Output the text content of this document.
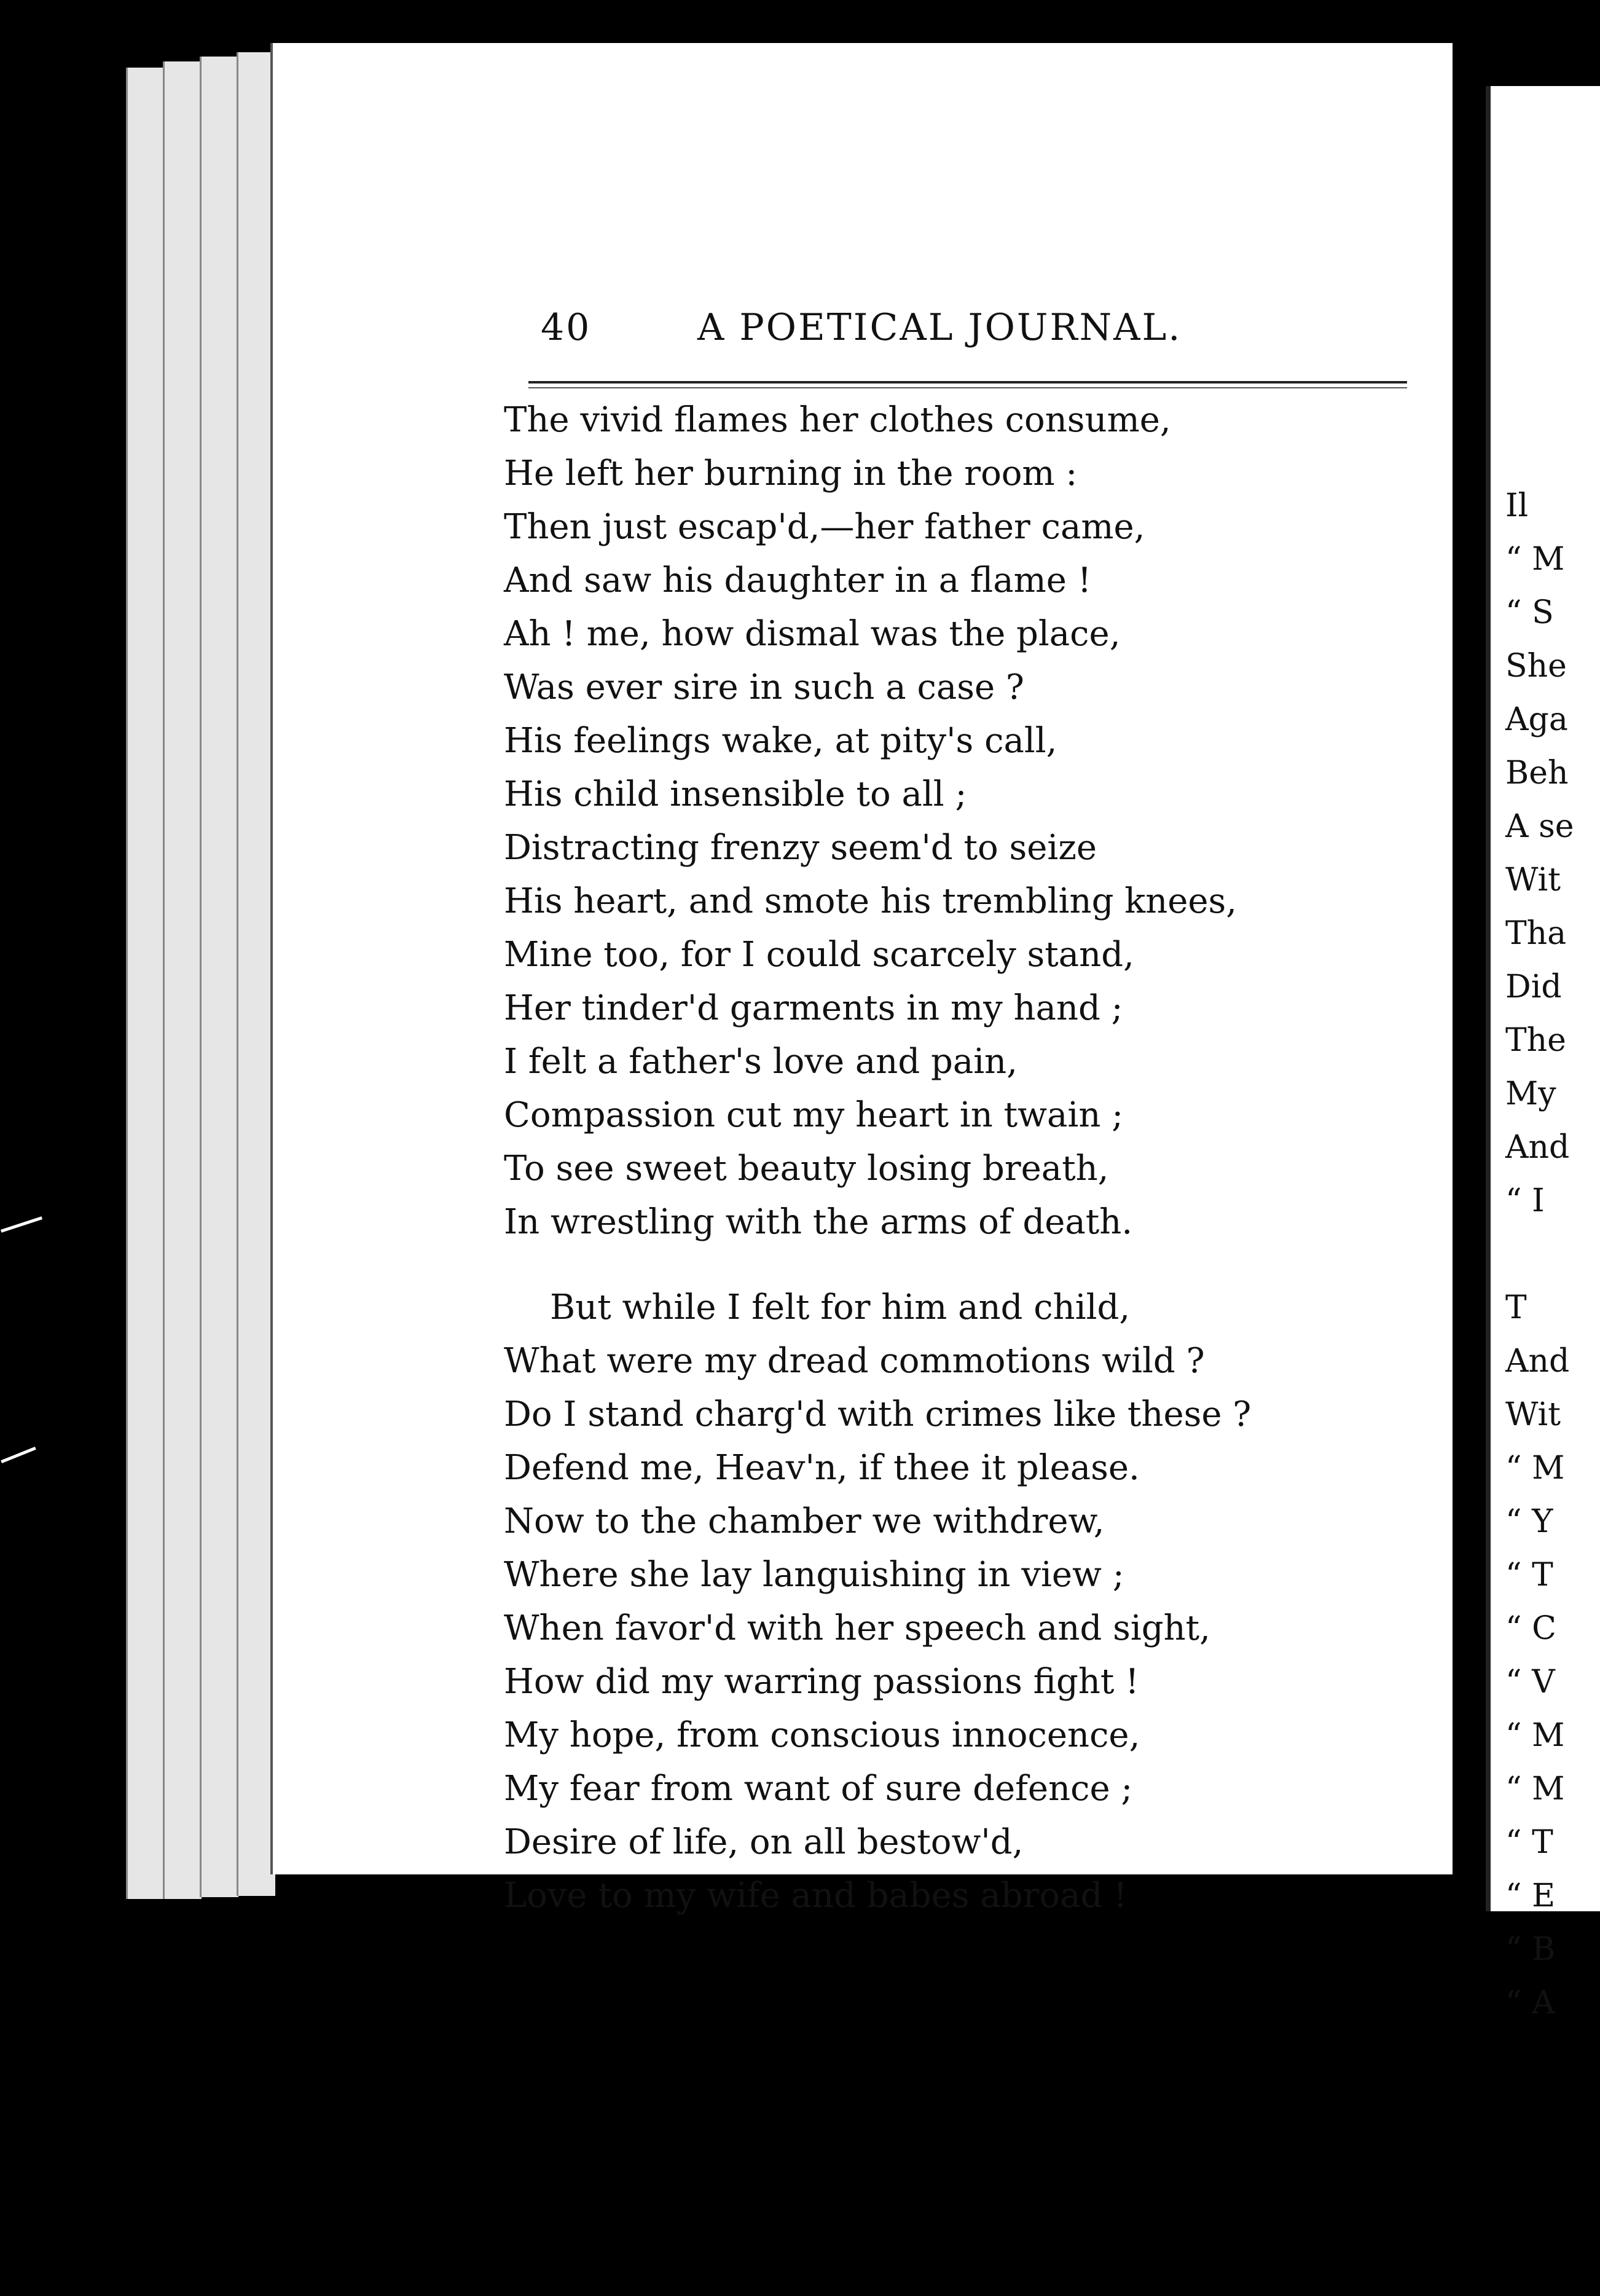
40	A POETICAL JOURNAL.
The vivid flames her clothes consume,
He left her burning in the room :
Then just escap'd,—her father came,
And saw his daughter in a flame !
Ah ! me, how dismal was the place,
Was ever sire in such a case ?
His feelings wake, at pity's call,
His child insensible to all ;
Distracting frenzy seem'd to seize
His heart, and smote his trembling knees,
Mine too, for I could scarcely stand,
Her tinder'd garments in my hand ;
I felt a father's love and pain,
Compassion cut my heart in twain ;
To see sweet beauty losing breath,
In wrestling with the arms of death.
But while I felt for him and child,
What were my dread commotions wild ?
Do I stand charg'd with crimes like these ?
Defend me, Heav'n, if thee it please.
Now to the chamber we withdrew,
Where she lay languishing in view ;
When favor'd with her speech and sight,
How did my warring passions fight !
My hope, from conscious innocence,
My fear from want of sure defence ;
Desire of life, on all bestow'd,
Love to my wife and babes abroad !
Il
“ M
“ S
She
Aga
Beh
A se
Wit
Tha
Did
The
My
And
“ I
T
And
Wit
“ M
“ Y
“ T
“ C
“ V
“ M
“ M
“ T
“ E
“ B
“ A
